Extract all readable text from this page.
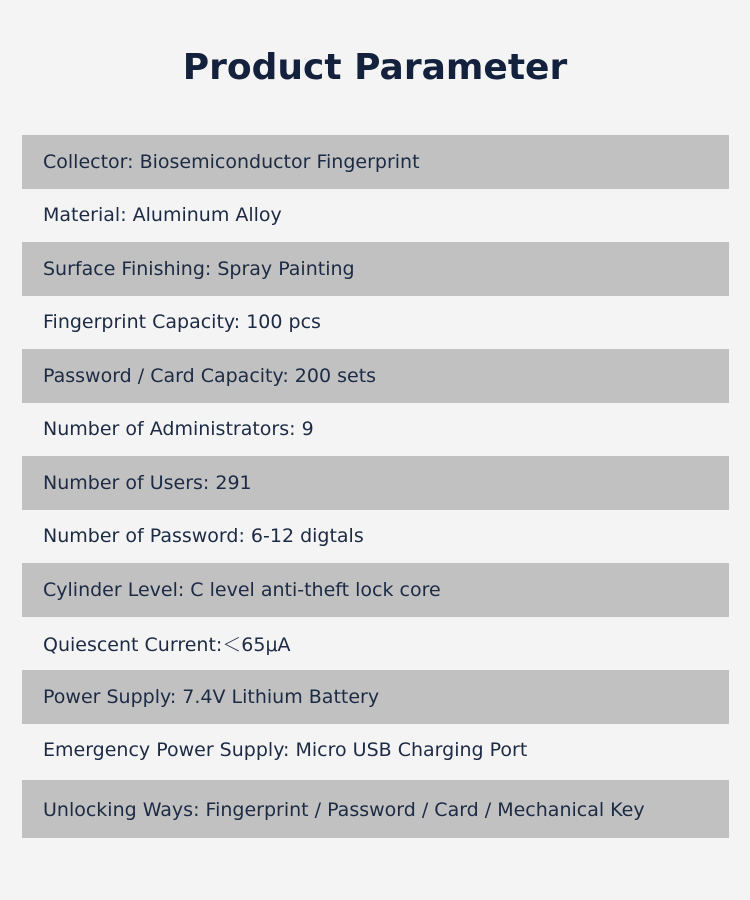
Product Parameter
Collector: Biosemiconductor Fingerprint
Material: Aluminum Alloy
Surface Finishing: Spray Painting
Fingerprint Capacity: 100 pcs
Password / Card Capacity: 200 sets
Number of Administrators: 9
Number of Users: 291
Number of Password: 6-12 digtals
Cylinder Level: C level anti-theft lock core
Quiescent Current:＜65μA
Power Supply: 7.4V Lithium Battery
Emergency Power Supply: Micro USB Charging Port
Unlocking Ways: Fingerprint / Password / Card / Mechanical Key
